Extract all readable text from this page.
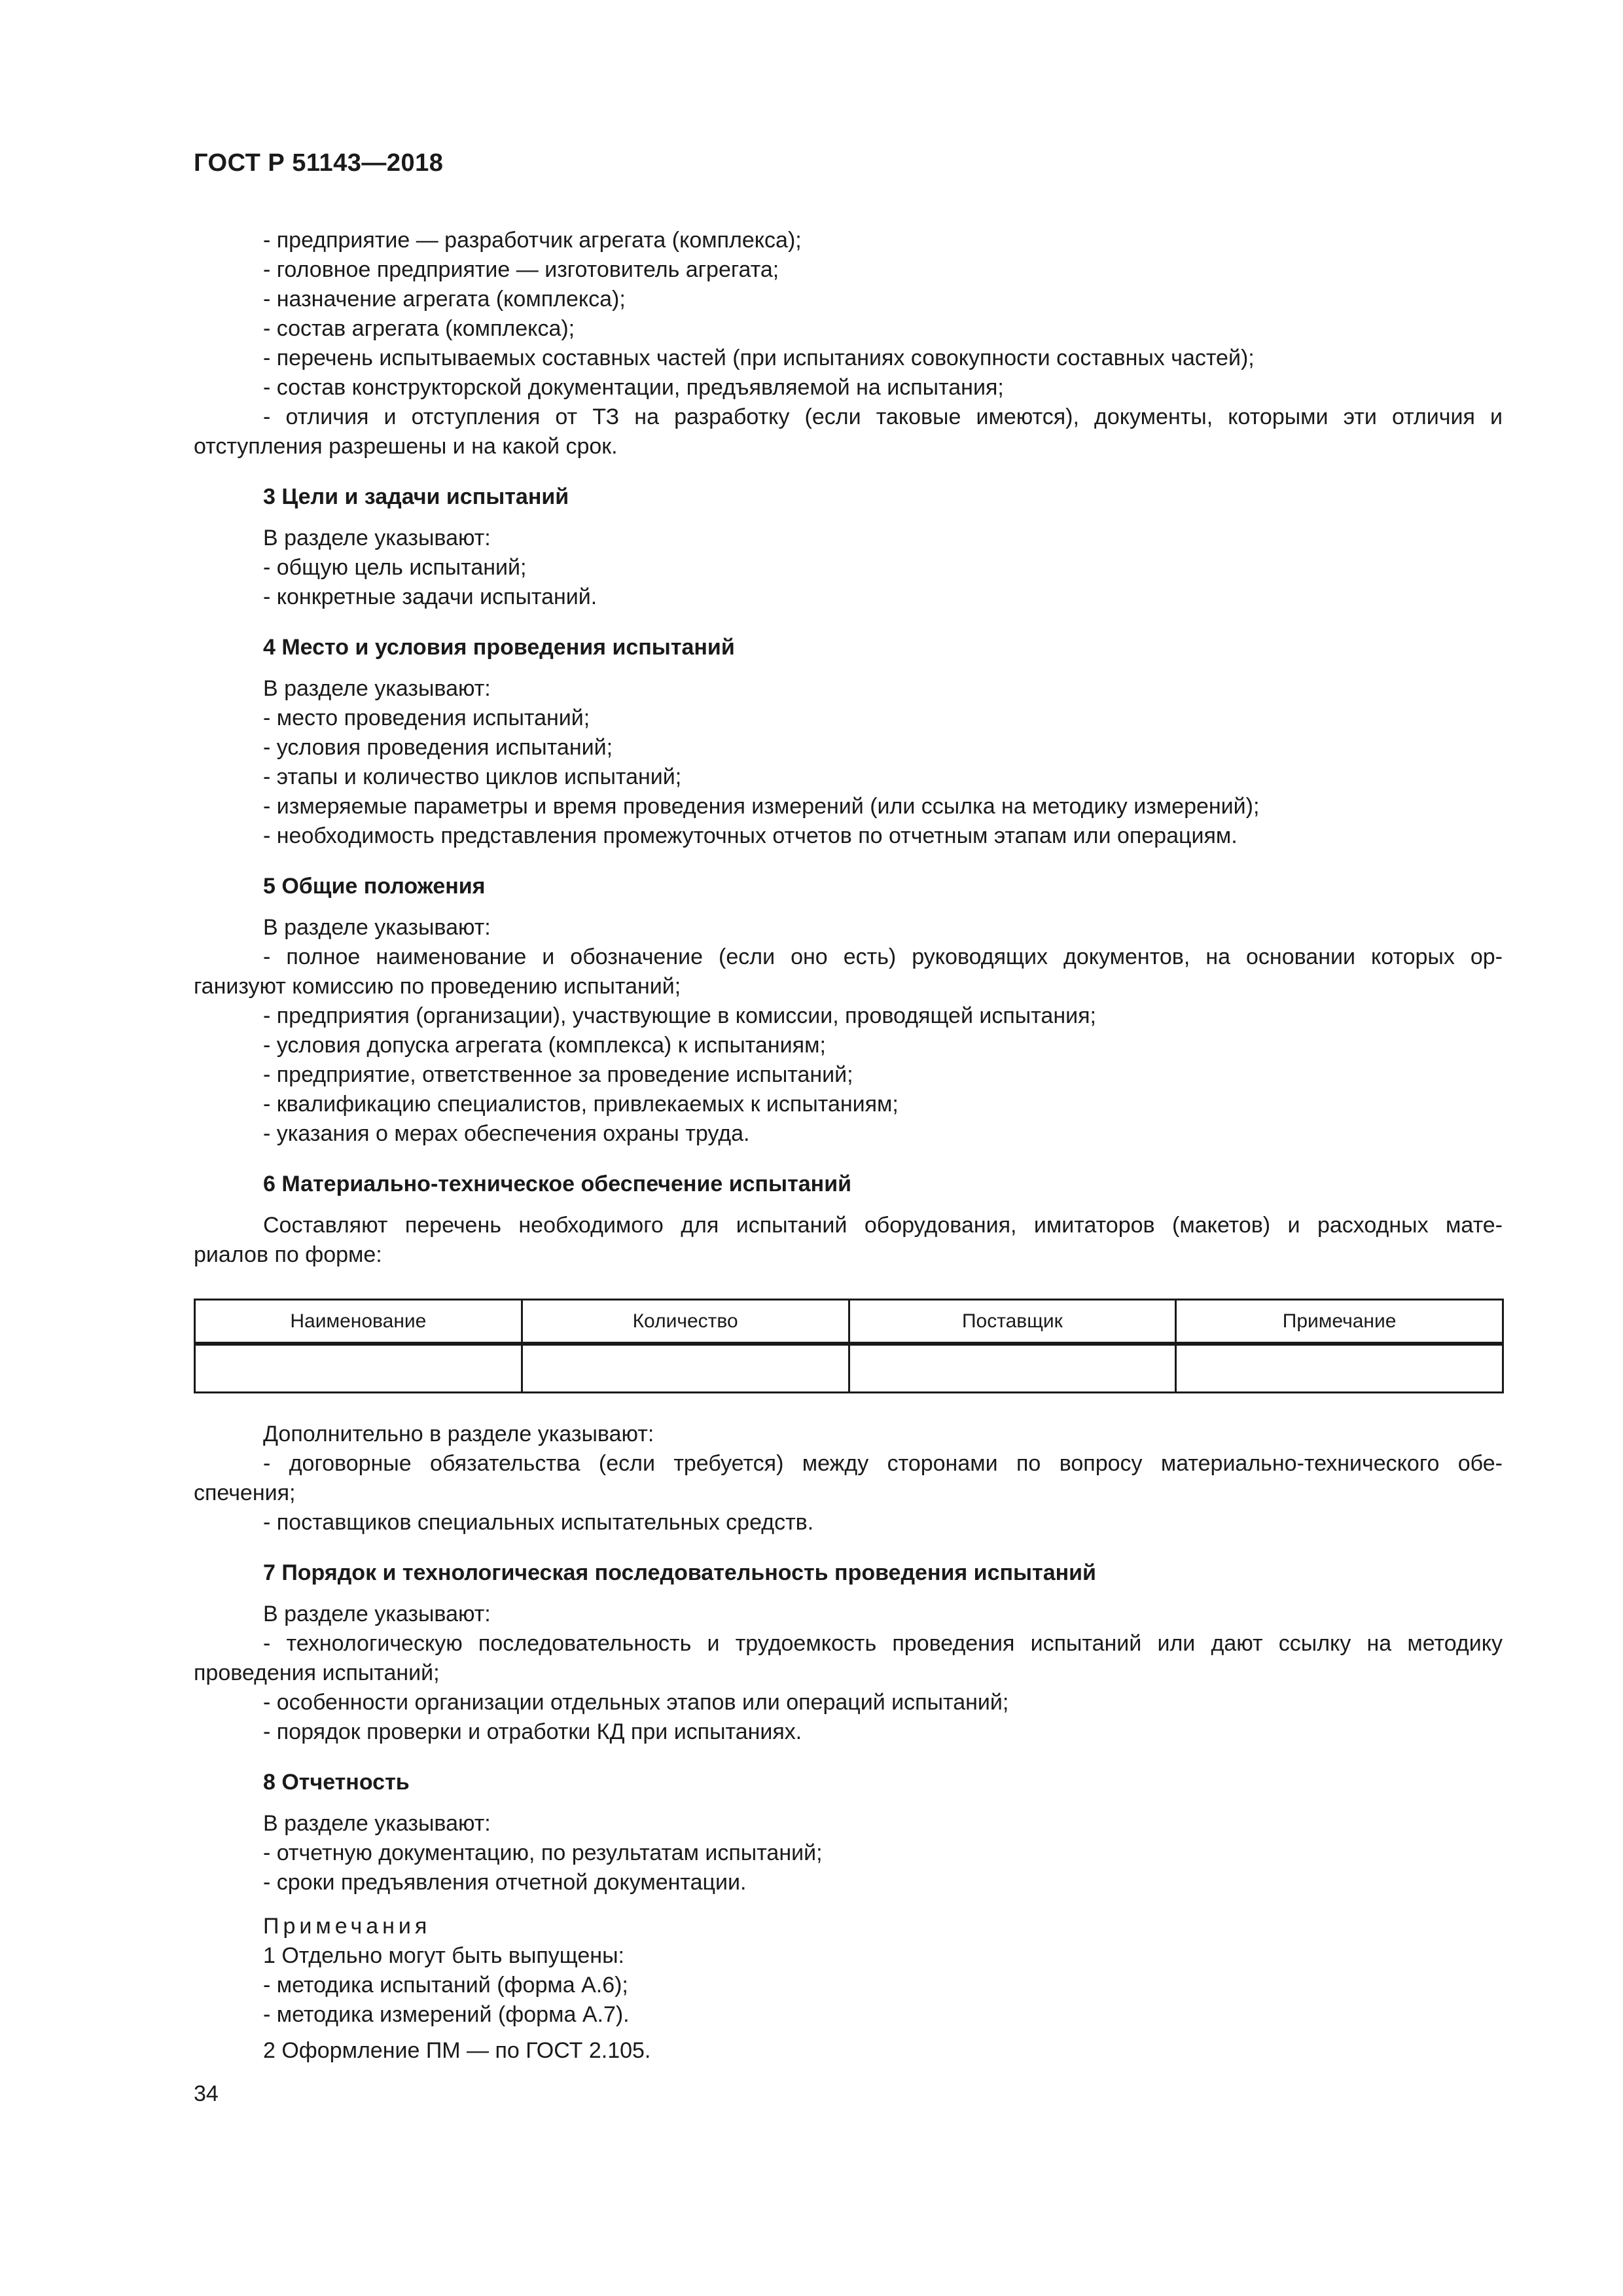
ГОСТ Р 51143—2018

- предприятие — разработчик агрегата (комплекса);

- головное предприятие — изготовитель агрегата;

- назначение агрегата (комплекса);

- состав агрегата (комплекса);

- перечень испытываемых составных частей (при испытаниях совокупности составных частей);

- состав конструкторской документации, предъявляемой на испытания;

- отличия и отступления от ТЗ на разработку (если таковые имеются), документы, которыми эти отличия и

отступления разрешены и на какой срок.

3 Цели и задачи испытаний

В разделе указывают:

- общую цель испытаний;

- конкретные задачи испытаний.

4 Место и условия проведения испытаний

В разделе указывают:

- место проведения испытаний;

- условия проведения испытаний;

- этапы и количество циклов испытаний;

- измеряемые параметры и время проведения измерений (или ссылка на методику измерений);

- необходимость представления промежуточных отчетов по отчетным этапам или операциям.

5 Общие положения

В разделе указывают:

- полное наименование и обозначение (если оно есть) руководящих документов, на основании которых ор-

ганизуют комиссию по проведению испытаний;

- предприятия (организации), участвующие в комиссии, проводящей испытания;

- условия допуска агрегата (комплекса) к испытаниям;

- предприятие, ответственное за проведение испытаний;

- квалификацию специалистов, привлекаемых к испытаниям;

- указания о мерах обеспечения охраны труда.

6 Материально-техническое обеспечение испытаний

Составляют перечень необходимого для испытаний оборудования, имитаторов (макетов) и расходных мате-

риалов по форме:

Наименование	Количество	Поставщик	Примечание

Дополнительно в разделе указывают:

- договорные обязательства (если требуется) между сторонами по вопросу материально-технического обе-

спечения;

- поставщиков специальных испытательных средств.

7 Порядок и технологическая последовательность проведения испытаний

В разделе указывают:

- технологическую последовательность и трудоемкость проведения испытаний или дают ссылку на методику

проведения испытаний;

- особенности организации отдельных этапов или операций испытаний;

- порядок проверки и отработки КД при испытаниях.

8 Отчетность

В разделе указывают:

- отчетную документацию, по результатам испытаний;

- сроки предъявления отчетной документации.

Примечания

1 Отдельно могут быть выпущены:

- методика испытаний (форма А.6);

- методика измерений (форма А.7).

2 Оформление ПМ — по ГОСТ 2.105.

34
